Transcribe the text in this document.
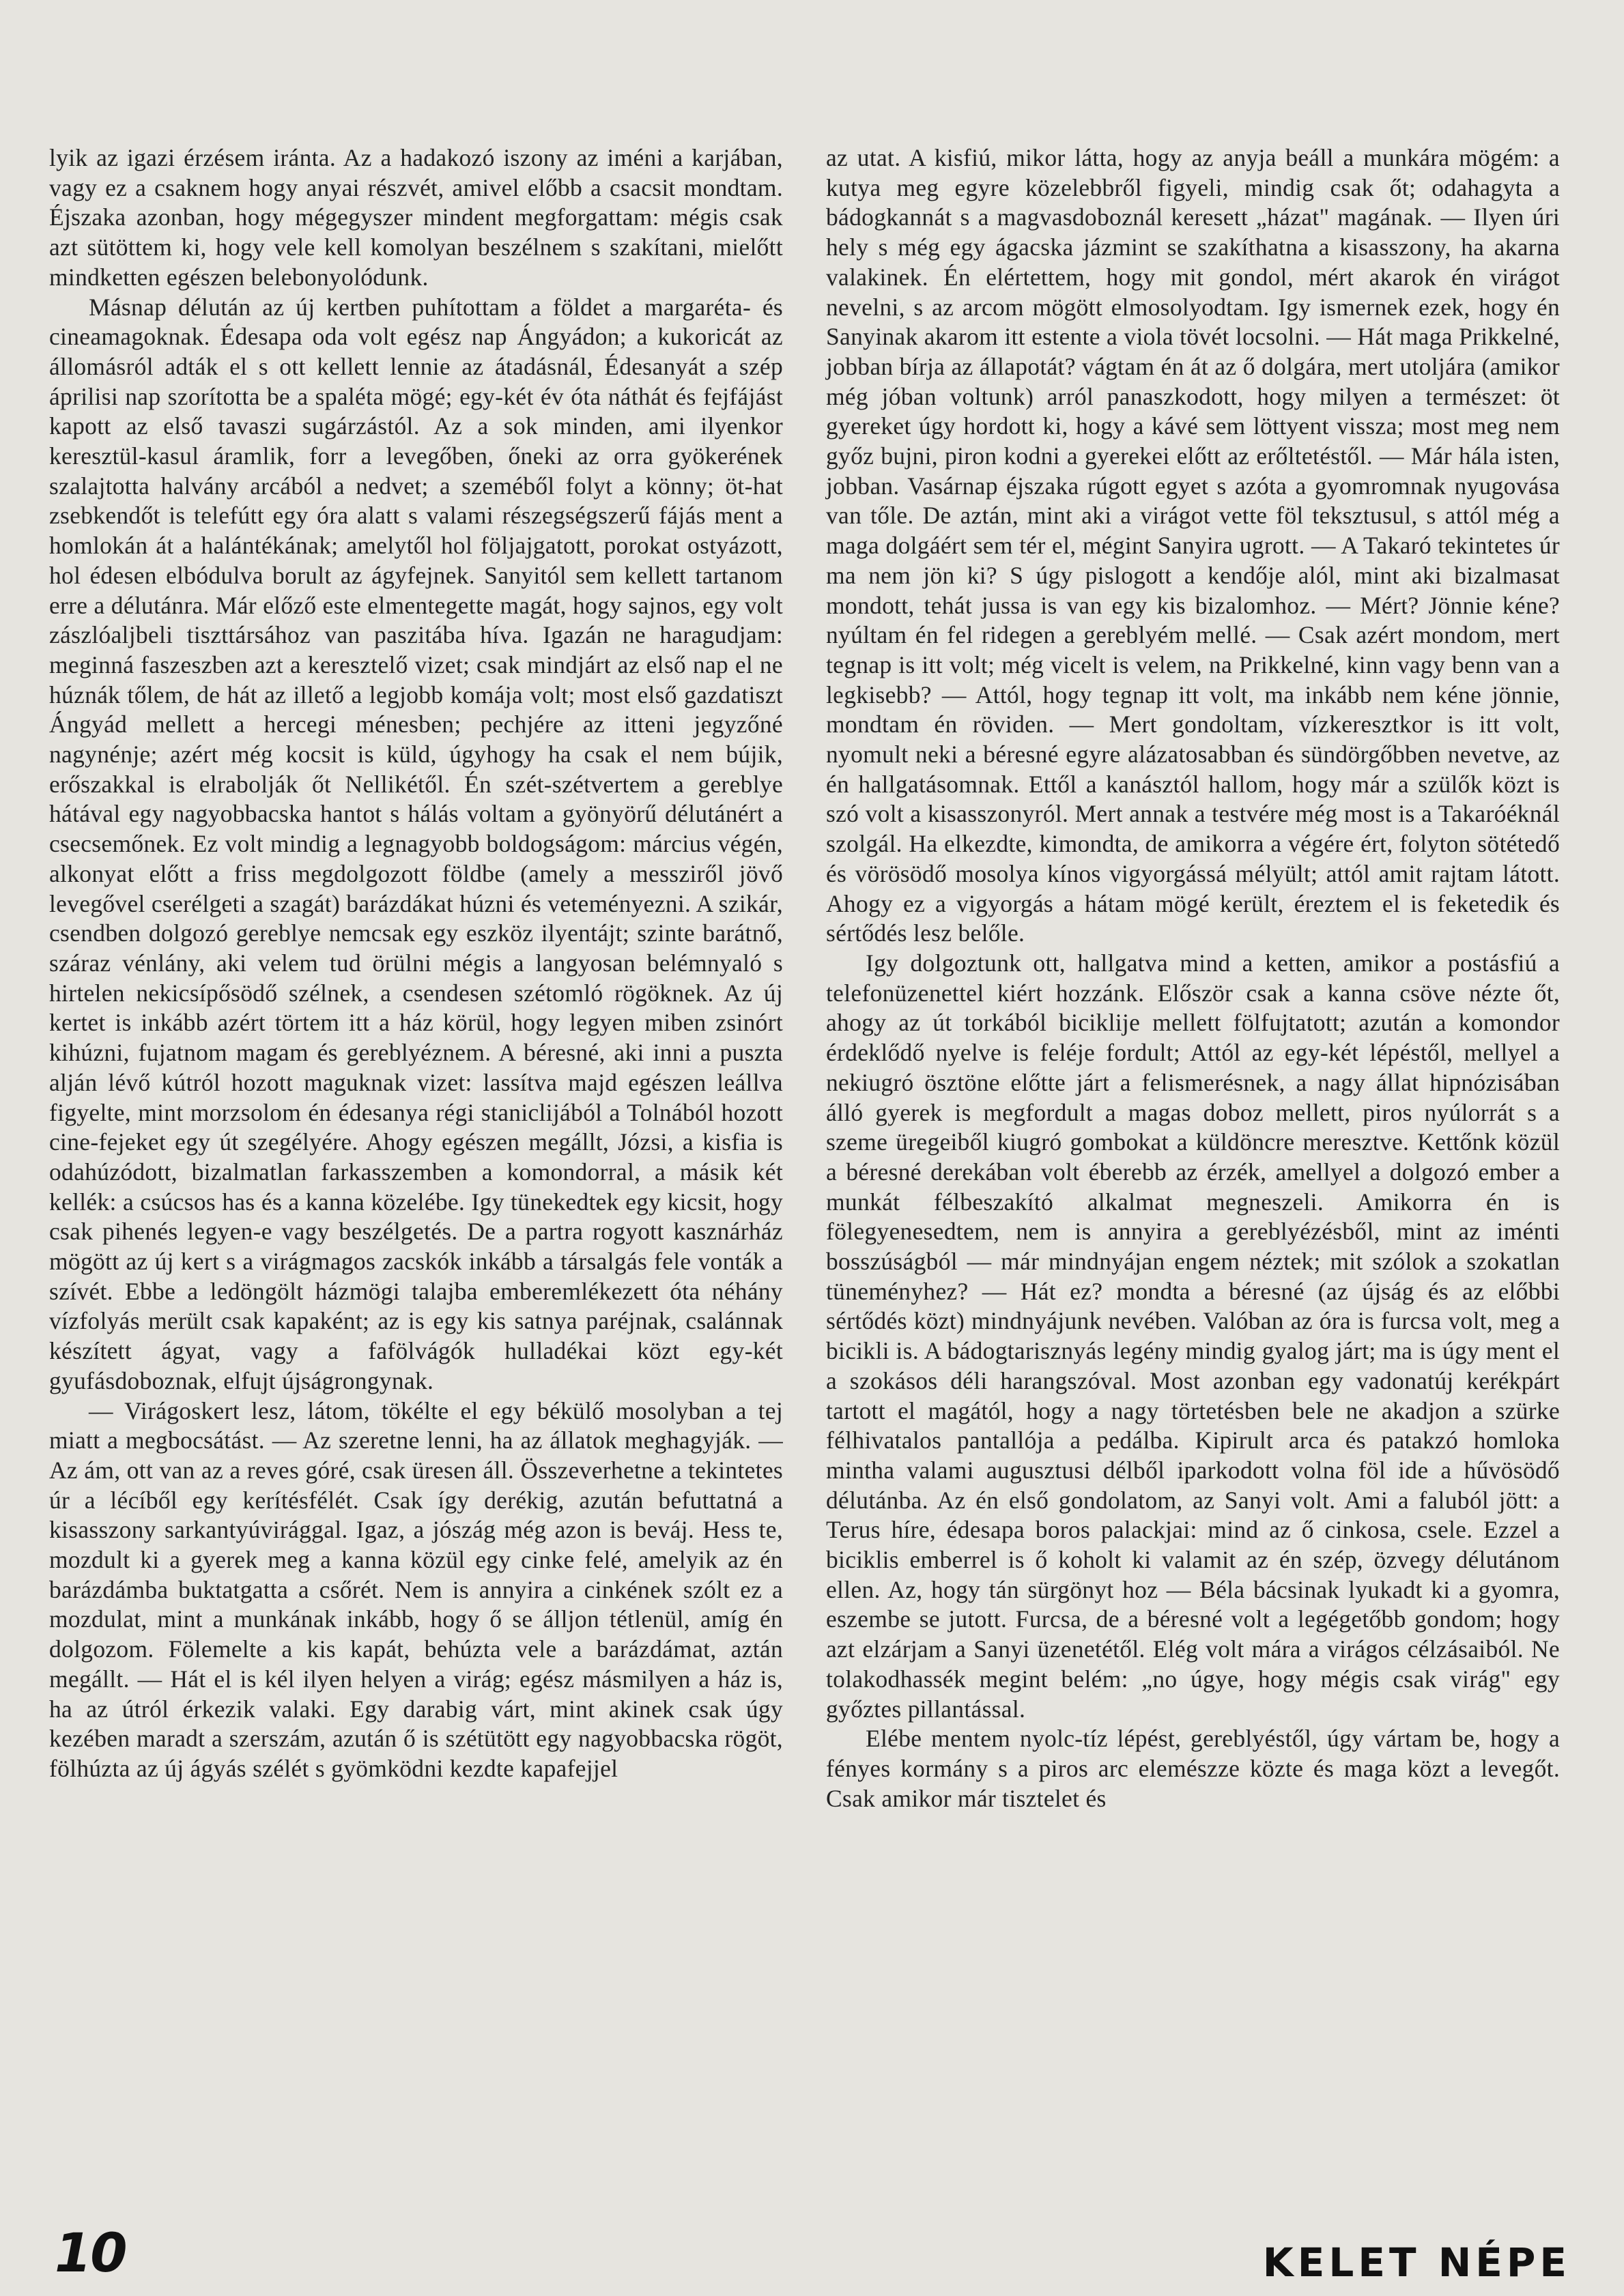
lyik az igazi érzésem iránta. Az a hadakozó iszony az iméni a karjában, vagy ez a csaknem hogy anyai részvét, amivel előbb a csacsit mondtam. Éjszaka azonban, hogy mégegyszer mindent megforgattam: mégis csak azt sütöttem ki, hogy vele kell komolyan beszélnem s szakítani, mielőtt mindketten egészen belebonyolódunk.

Másnap délután az új kertben puhítottam a földet a margaréta- és cineamagoknak. Édesapa oda volt egész nap Ángyádon; a kukoricát az állomásról adták el s ott kellett lennie az átadásnál, Édesanyát a szép áprilisi nap szorította be a spaléta mögé; egy-két év óta náthát és fejfájást kapott az első tavaszi sugárzástól. Az a sok minden, ami ilyenkor keresztül-kasul áramlik, forr a levegőben, őneki az orra gyökerének szalajtotta halvány arcából a nedvet; a szeméből folyt a könny; öt-hat zsebkendőt is telefútt egy óra alatt s valami részegségszerű fájás ment a homlokán át a halántékának; amelytől hol följajgatott, porokat ostyázott, hol édesen elbódulva borult az ágyfejnek. Sanyitól sem kellett tartanom erre a délutánra. Már előző este elmentegette magát, hogy sajnos, egy volt zászlóaljbeli tiszttársához van paszitába híva. Igazán ne haragudjam: meginná faszeszben azt a keresztelő vizet; csak mindjárt az első nap el ne húznák tőlem, de hát az illető a legjobb komája volt; most első gazdatiszt Ángyád mellett a hercegi ménesben; pechjére az itteni jegyzőné nagynénje; azért még kocsit is küld, úgyhogy ha csak el nem bújik, erőszakkal is elrabolják őt Nellikétől. Én szét-szétvertem a gereblye hátával egy nagyobbacska hantot s hálás voltam a gyönyörű délutánért a csecsemőnek. Ez volt mindig a legnagyobb boldogságom: március végén, alkonyat előtt a friss megdolgozott földbe (amely a messziről jövő levegővel cserélgeti a szagát) barázdákat húzni és veteményezni. A szikár, csendben dolgozó gereblye nemcsak egy eszköz ilyentájt; szinte barátnő, száraz vénlány, aki velem tud örülni mégis a langyosan belémnyaló s hirtelen nekicsípősödő szélnek, a csendesen szétomló rögöknek. Az új kertet is inkább azért törtem itt a ház körül, hogy legyen miben zsinórt kihúzni, fujatnom magam és gereblyéznem. A béresné, aki inni a puszta alján lévő kútról hozott maguknak vizet: lassítva majd egészen leállva figyelte, mint morzsolom én édesanya régi stanicliјából a Tolnából hozott cine-fejeket egy út szegélyére. Ahogy egészen megállt, Józsi, a kisfia is odahúzódott, bizalmatlan farkasszemben a komondorral, a másik két kellék: a csúcsos has és a kanna közelébe. Igy tünekedtek egy kicsit, hogy csak pihenés legyen-e vagy beszélgetés. De a partra rogyott kasznárház mögött az új kert s a virágmagos zacskók inkább a társalgás fele vonták a szívét. Ebbe a ledöngölt házmögi talajba emberemlékezett óta néhány vízfolyás merült csak kapaként; az is egy kis satnya paréjnak, csalánnak készített ágyat, vagy a fafölvágók hulladékai közt egy-két gyufásdoboznak, elfujt újságrongynak.

— Virágoskert lesz, látom, tökélte el egy békülő mosolyban a tej miatt a megbocsátást. — Az szeretne lenni, ha az állatok meghagyják. — Az ám, ott van az a reves góré, csak üresen áll. Összeverhetne a tekintetes úr a lécíből egy kerítésfélét. Csak így derékig, azután befuttatná a kisasszony sarkantyúvirággal. Igaz, a jószág még azon is beváj. Hess te, mozdult ki a gyerek meg a kanna közül egy cinke felé, amelyik az én barázdámba buktatgatta a csőrét. Nem is annyira a cinkének szólt ez a mozdulat, mint a munkának inkább, hogy ő se álljon tétlenül, amíg én dolgozom. Fölemelte a kis kapát, behúzta vele a barázdámat, aztán megállt. — Hát el is kél ilyen helyen a virág; egész másmilyen a ház is, ha az útról érkezik valaki. Egy darabig várt, mint akinek csak úgy kezében maradt a szerszám, azután ő is szétütött egy nagyobbacska rögöt, fölhúzta az új ágyás szélét s gyömködni kezdte kapafejjel

az utat. A kisfiú, mikor látta, hogy az anyja beáll a munkára mögém: a kutya meg egyre közelebbről figyeli, mindig csak őt; odahagyta a bádogkannát s a magvasdoboznál keresett „házat" magának. — Ilyen úri hely s még egy ágacska jázmint se szakíthatna a kisasszony, ha akarna valakinek. Én elértettem, hogy mit gondol, mért akarok én virágot nevelni, s az arcom mögött elmosolyodtam. Igy ismernek ezek, hogy én Sanyinak akarom itt estente a viola tövét locsolni. — Hát maga Prikkelné, jobban bírja az állapotát? vágtam én át az ő dolgára, mert utoljára (amikor még jóban voltunk) arról panaszkodott, hogy milyen a természet: öt gyereket úgy hordott ki, hogy a kávé sem löttyent vissza; most meg nem győz bujni, piron kodni a gyerekei előtt az erőltetéstől. — Már hála isten, jobban. Vasárnap éjszaka rúgott egyet s azóta a gyomromnak nyugovása van tőle. De aztán, mint aki a virágot vette föl teksztusul, s attól még a maga dolgáért sem tér el, mégint Sanyira ugrott. — A Takaró tekintetes úr ma nem jön ki? S úgy pislogott a kendője alól, mint aki bizalmasat mondott, tehát jussa is van egy kis bizalomhoz. — Mért? Jönnie kéne? nyúltam én fel ridegen a gereblyém mellé. — Csak azért mondom, mert tegnap is itt volt; még vicelt is velem, na Prikkelné, kinn vagy benn van a legkisebb? — Attól, hogy tegnap itt volt, ma inkább nem kéne jönnie, mondtam én röviden. — Mert gondoltam, vízkeresztkor is itt volt, nyomult neki a béresné egyre alázatosabban és sündörgőbben nevetve, az én hallgatásomnak. Ettől a kanásztól hallom, hogy már a szülők közt is szó volt a kisasszonyról. Mert annak a testvére még most is a Takaróéknál szolgál. Ha elkezdte, kimondta, de amikorra a végére ért, folyton sötétedő és vörösödő mosolya kínos vigyorgássá mélyült; attól amit rajtam látott. Ahogy ez a vigyorgás a hátam mögé került, éreztem el is feketedik és sértődés lesz belőle.

Igy dolgoztunk ott, hallgatva mind a ketten, amikor a postásfiú a telefonüzenettel kiért hozzánk. Először csak a kanna csöve nézte őt, ahogy az út torkából biciklije mellett fölfujtatott; azután a komondor érdeklődő nyelve is feléje fordult; Attól az egy-két lépéstől, mellyel a nekiugró ösztöne előtte járt a felismerésnek, a nagy állat hipnózisában álló gyerek is megfordult a magas doboz mellett, piros nyúlorrát s a szeme üregeiből kiugró gombokat a küldöncre meresztve. Kettőnk közül a béresné derekában volt éberebb az érzék, amellyel a dolgozó ember a munkát félbeszakító alkalmat megneszeli. Amikorra én is fölegyenesedtem, nem is annyira a gereblyézésből, mint az iménti bosszúságból — már mindnyájan engem néztek; mit szólok a szokatlan tüneményhez? — Hát ez? mondta a béresné (az újság és az előbbi sértődés közt) mindnyájunk nevében. Valóban az óra is furcsa volt, meg a bicikli is. A bádogtarisznyás legény mindig gyalog járt; ma is úgy ment el a szokásos déli harangszóval. Most azonban egy vadonatúj kerékpárt tartott el magától, hogy a nagy törtetésben bele ne akadjon a szürke félhivatalos pantallója a pedálba. Kipirult arca és patakzó homloka mintha valami augusztusi délből iparkodott volna föl ide a hűvösödő délutánba. Az én első gondolatom, az Sanyi volt. Ami a faluból jött: a Terus híre, édesapa boros palackjai: mind az ő cinkosa, csele. Ezzel a biciklis emberrel is ő koholt ki valamit az én szép, özvegy délutánom ellen. Az, hogy tán sürgönyt hoz — Béla bácsinak lyukadt ki a gyomra, eszembe se jutott. Furcsa, de a béresné volt a legégetőbb gondom; hogy azt elzárjam a Sanyi üzenetétől. Elég volt mára a virágos célzásaiból. Ne tolakodhassék megint belém: „no úgye, hogy mégis csak virág" egy győztes pillantással.

Elébe mentem nyolc-tíz lépést, gereblyéstől, úgy vártam be, hogy a fényes kormány s a piros arc elemészze közte és maga közt a levegőt. Csak amikor már tisztelet és

10	KELET NÉPE
